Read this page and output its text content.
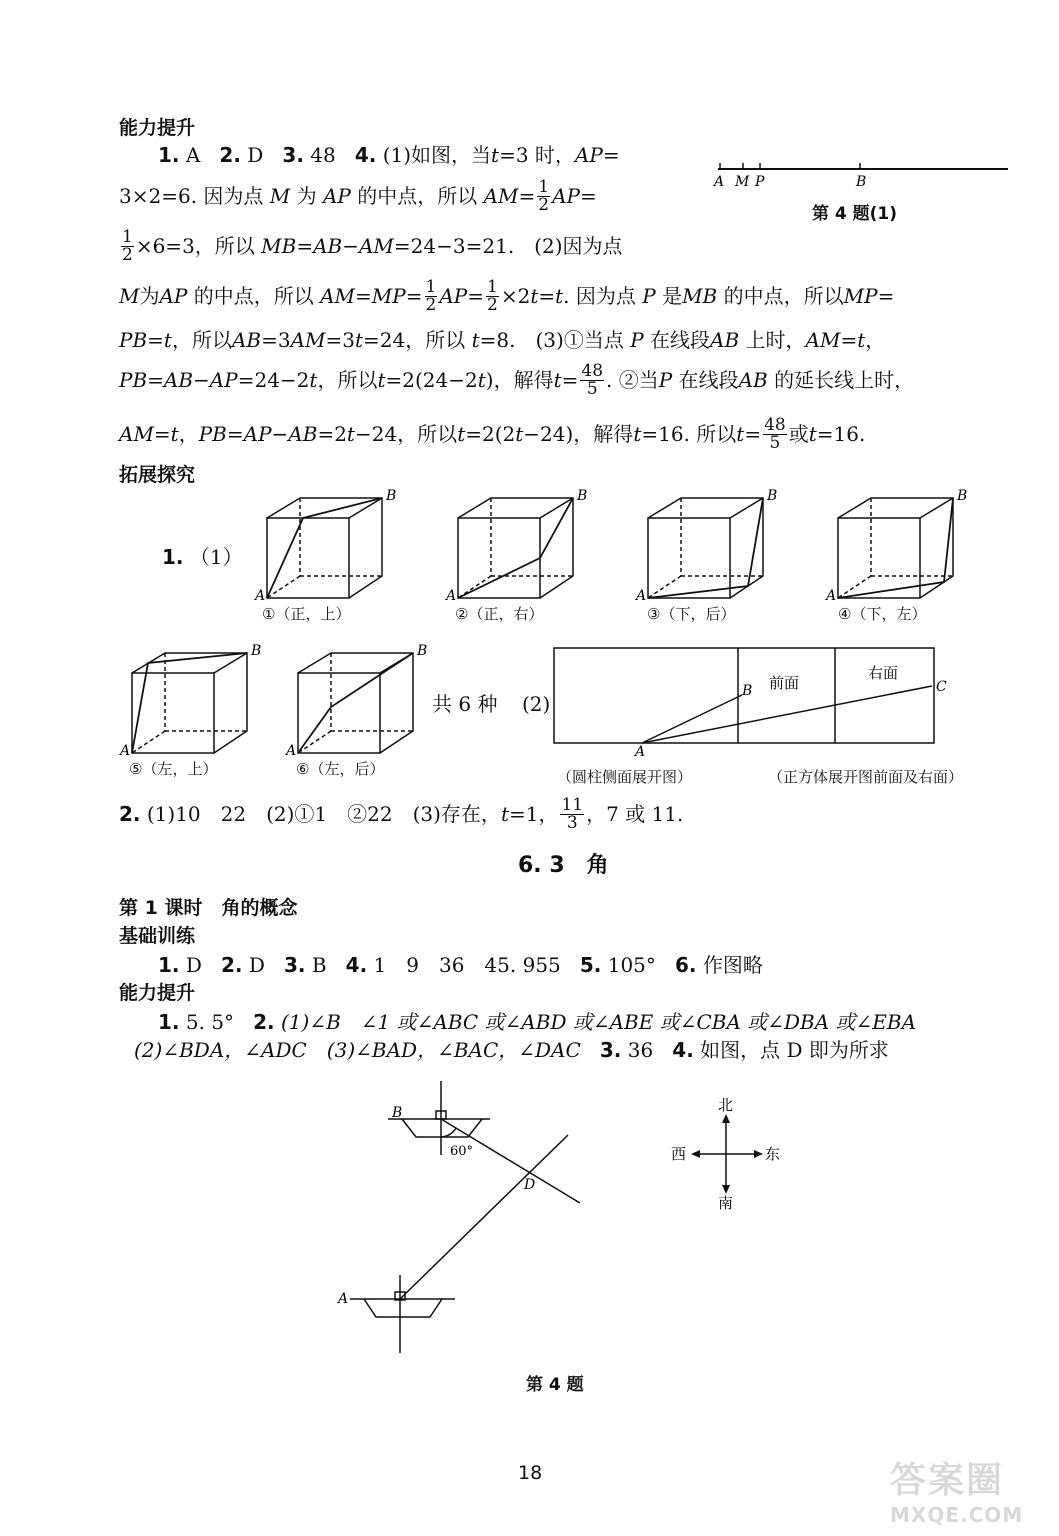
能力提升
1. A 2. D 3. 48 4. (1)如图，当t=3 时，AP=
3×2=6. 因为点
M
为
AP
的中点，所以
AM = $\frac{1}{2}$ AP =
$\frac{1}{2} \times 6=3$，所以
MB=AB−AM =24−3=21.　(2)因为点
A M P	B
第 4 题(1)
M 为 AP
的中点，所以
$AM=MP = \frac{1}{2}$ AP = $\frac{1}{2} \times 2$ t = t . 因为点
P
是 MB
的中点，所以 MP =
PB=t，所以AB=3AM=3t=24，所以 t=8.　(3)①当点 P 在线段AB 上时，AM=t，
PB=AB−AP =24−2 t ，所以 t =2(24−2 t )，解得 $t = \frac{48}{5}$ . ②当 P
在线段 AB
的延长线上时，
AM=t ， PB=AP−AB =2 t −24，所以 t =2(2 t −24)，解得 t =16. 所以 $t = \frac{48}{5}$ 或 t =16.
拓展探究
1. （1）
A
B
①（正，上）
A
B
②（正，右）
A
B
③（下，后）
A
B
④（下，左）
A
B
⑤（左，上）
A
B
⑥（左，后）
共 6 种 (2)
前面
右面
A
B	C
（圆柱侧面展开图）	（正方体展开图前面及右面）
2.
(1)10　22　(2)①1　②22　(3)存在， t =1， $\frac{11}{3}$ ，7 或 11.
6. 3　角
第 1 课时　角的概念
基础训练
1. D 2. D 3. B 4. 1　9　36　45. 955 5. 105° 6. 作图略
能力提升
1. 5. 5° 2. (1)∠B　∠1 或∠ABC 或∠ABD 或∠ABE 或∠CBA 或∠DBA 或∠EBA
(2)∠BDA，∠ADC　(3)∠BAD，∠BAC，∠DAC 3. 36 4. 如图，点 D 即为所求
B
A
D
60°
北
南
西	东
第 4 题
18	答案圈
MXQE.COM
